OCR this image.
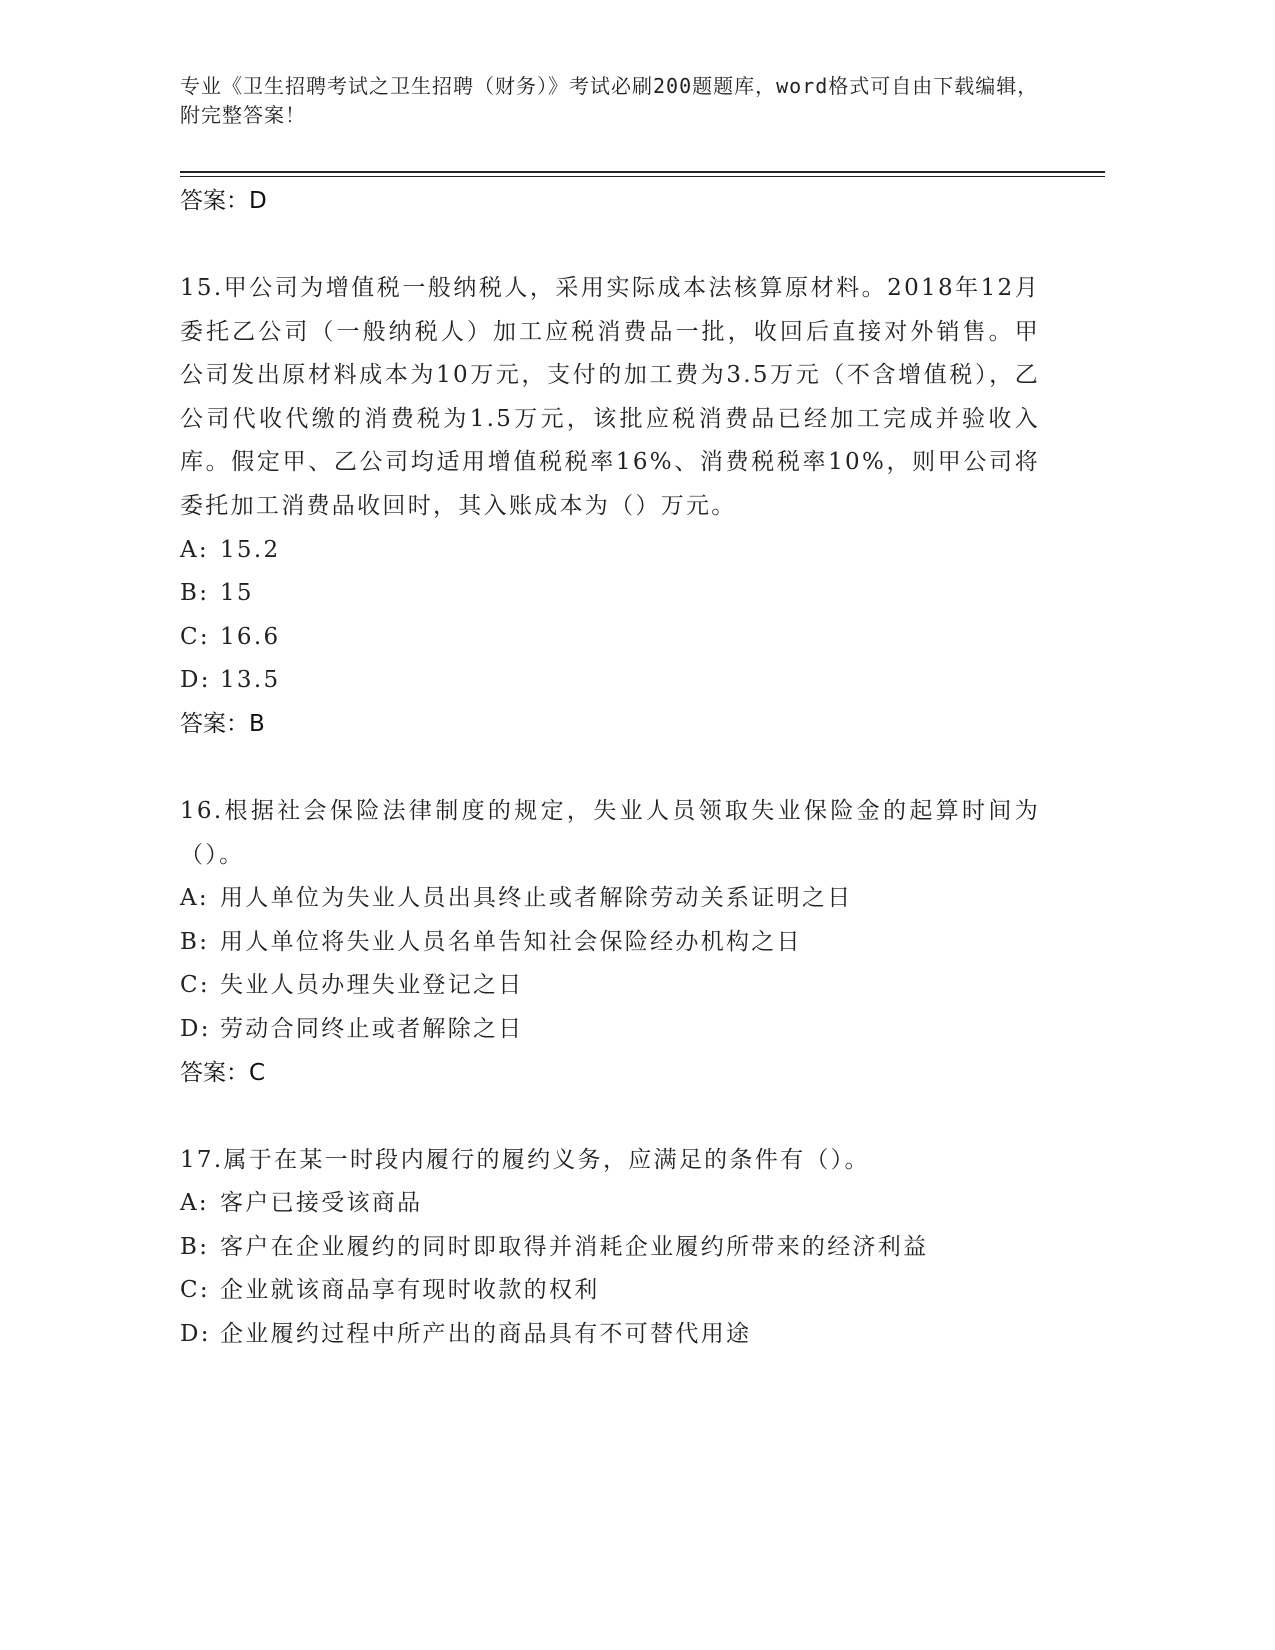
专业《卫生招聘考试之卫生招聘（财务）》考试必刷200题题库，word格式可自由下载编辑，附完整答案！

答案：D

15.甲公司为增值税一般纳税人，采用实际成本法核算原材料。2018年12月委托乙公司（一般纳税人）加工应税消费品一批，收回后直接对外销售。甲公司发出原材料成本为10万元，支付的加工费为3.5万元（不含增值税），乙公司代收代缴的消费税为1.5万元，该批应税消费品已经加工完成并验收入库。假定甲、乙公司均适用增值税税率16%、消费税税率10%，则甲公司将委托加工消费品收回时，其入账成本为（）万元。

A: 15.2

B: 15

C: 16.6

D: 13.5

答案：B

16.根据社会保险法律制度的规定，失业人员领取失业保险金的起算时间为（）。

A: 用人单位为失业人员出具终止或者解除劳动关系证明之日

B: 用人单位将失业人员名单告知社会保险经办机构之日

C: 失业人员办理失业登记之日

D: 劳动合同终止或者解除之日

答案：C

17.属于在某一时段内履行的履约义务，应满足的条件有（）。

A: 客户已接受该商品

B: 客户在企业履约的同时即取得并消耗企业履约所带来的经济利益

C: 企业就该商品享有现时收款的权利

D: 企业履约过程中所产出的商品具有不可替代用途
